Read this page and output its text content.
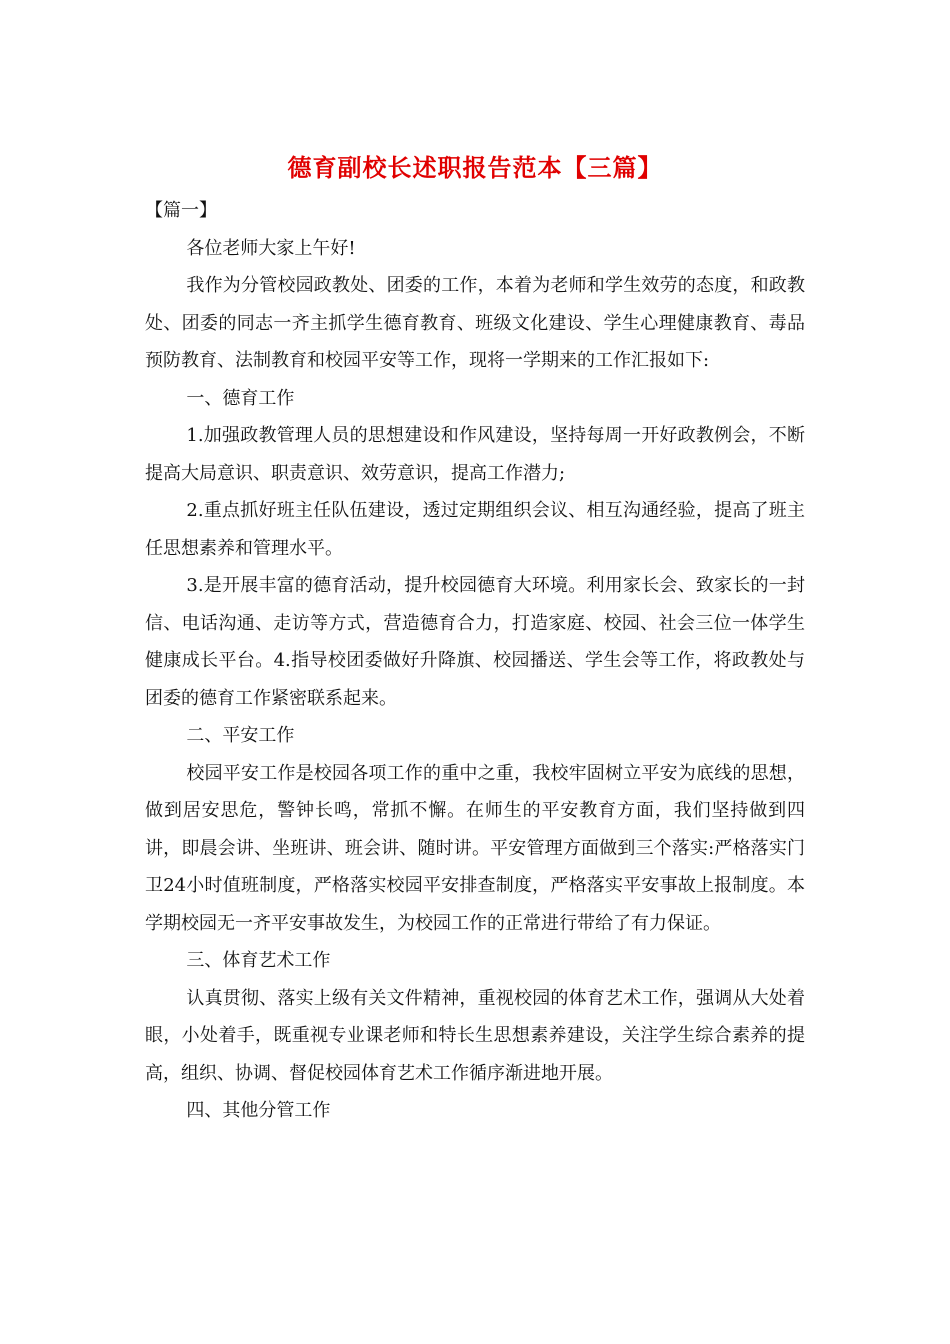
德育副校长述职报告范本【三篇】

【篇一】

各位老师大家上午好!

我作为分管校园政教处、团委的工作，本着为老师和学生效劳的态度，和政教处、团委的同志一齐主抓学生德育教育、班级文化建设、学生心理健康教育、毒品预防教育、法制教育和校园平安等工作，现将一学期来的工作汇报如下:

一、德育工作

1.加强政教管理人员的思想建设和作风建设，坚持每周一开好政教例会，不断提高大局意识、职责意识、效劳意识，提高工作潜力;

2.重点抓好班主任队伍建设，透过定期组织会议、相互沟通经验，提高了班主任思想素养和管理水平。

3.是开展丰富的德育活动，提升校园德育大环境。利用家长会、致家长的一封信、电话沟通、走访等方式，营造德育合力，打造家庭、校园、社会三位一体学生健康成长平台。4.指导校团委做好升降旗、校园播送、学生会等工作，将政教处与团委的德育工作紧密联系起来。

二、平安工作

校园平安工作是校园各项工作的重中之重，我校牢固树立平安为底线的思想，做到居安思危，警钟长鸣，常抓不懈。在师生的平安教育方面，我们坚持做到四讲，即晨会讲、坐班讲、班会讲、随时讲。平安管理方面做到三个落实:严格落实门卫24小时值班制度，严格落实校园平安排查制度，严格落实平安事故上报制度。本学期校园无一齐平安事故发生，为校园工作的正常进行带给了有力保证。

三、体育艺术工作

认真贯彻、落实上级有关文件精神，重视校园的体育艺术工作，强调从大处着眼，小处着手，既重视专业课老师和特长生思想素养建设，关注学生综合素养的提高，组织、协调、督促校园体育艺术工作循序渐进地开展。

四、其他分管工作
